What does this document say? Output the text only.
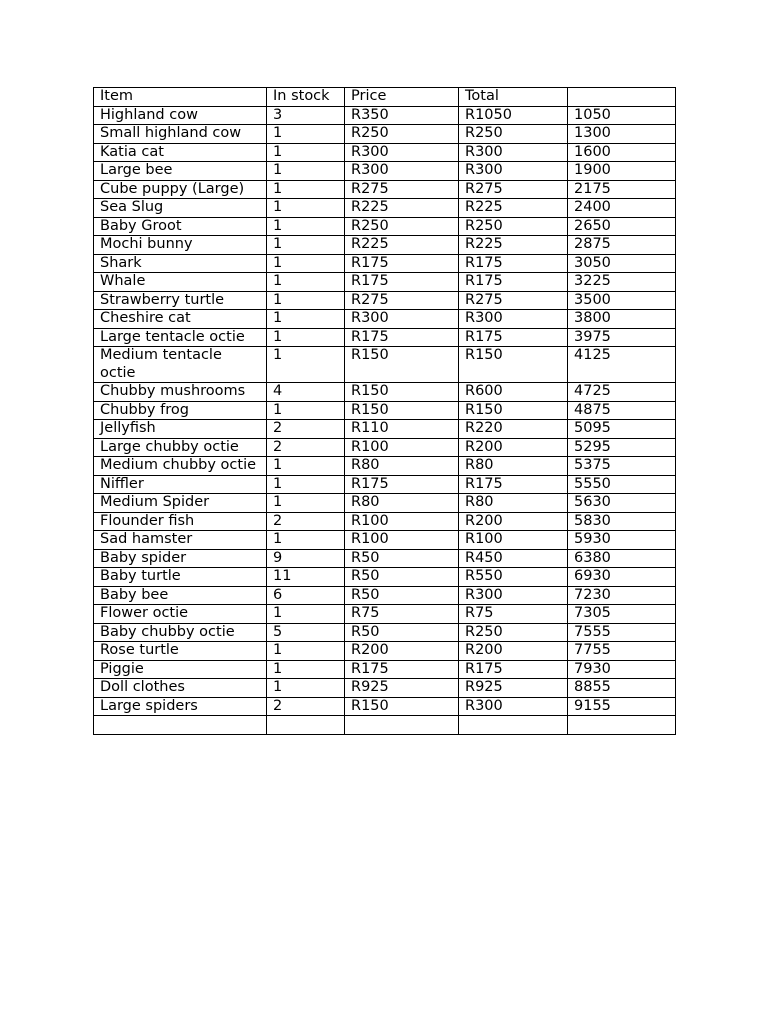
Item	In stock	Price	Total	
Highland cow	3	R350	R1050	1050
Small highland cow	1	R250	R250	1300
Katia cat	1	R300	R300	1600
Large bee	1	R300	R300	1900
Cube puppy (Large)	1	R275	R275	2175
Sea Slug	1	R225	R225	2400
Baby Groot	1	R250	R250	2650
Mochi bunny	1	R225	R225	2875
Shark	1	R175	R175	3050
Whale	1	R175	R175	3225
Strawberry turtle	1	R275	R275	3500
Cheshire cat	1	R300	R300	3800
Large tentacle octie	1	R175	R175	3975
Medium tentacle octie	1	R150	R150	4125
Chubby mushrooms	4	R150	R600	4725
Chubby frog	1	R150	R150	4875
Jellyfish	2	R110	R220	5095
Large chubby octie	2	R100	R200	5295
Medium chubby octie	1	R80	R80	5375
Niffler	1	R175	R175	5550
Medium Spider	1	R80	R80	5630
Flounder fish	2	R100	R200	5830
Sad hamster	1	R100	R100	5930
Baby spider	9	R50	R450	6380
Baby turtle	11	R50	R550	6930
Baby bee	6	R50	R300	7230
Flower octie	1	R75	R75	7305
Baby chubby octie	5	R50	R250	7555
Rose turtle	1	R200	R200	7755
Piggie	1	R175	R175	7930
Doll clothes	1	R925	R925	8855
Large spiders	2	R150	R300	9155
